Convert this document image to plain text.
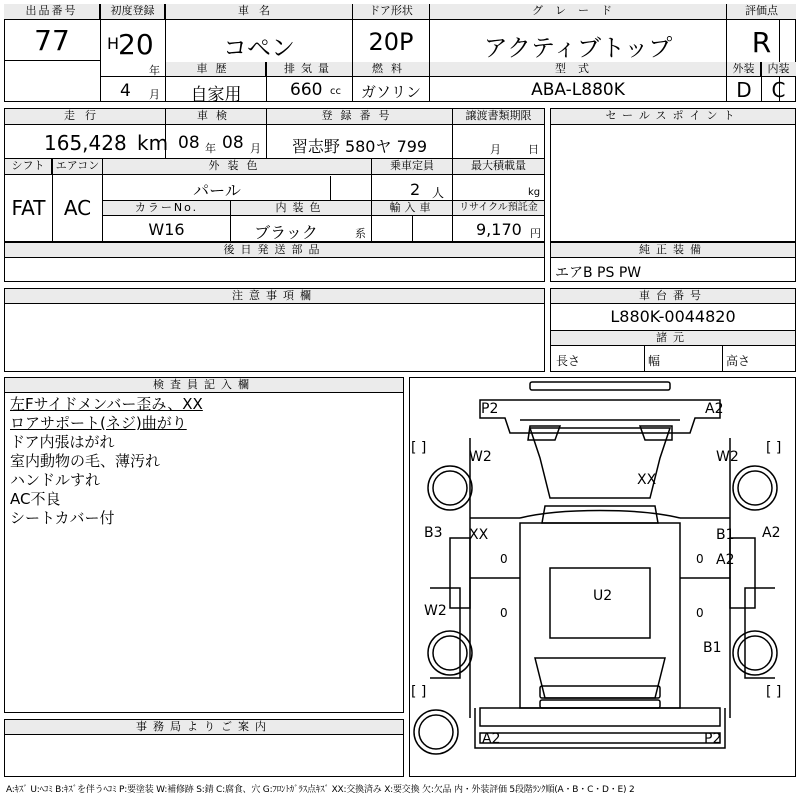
出品番号
77
初度登録
H
20
年
4 月
車名
コペン
ドア形状
20P
グレード
アクティブトップ
車歴
自家用
排気量
660 cc
燃料
ガソリン
型式
ABA-L880K
評価点
R
外装	内装
D C
走行
165,428 km
車検
08 年 08 月
登録番号
習志野 580ヤ 799
譲渡書類期限
月 日
シフト
FAT
エアコン
AC
外装色
パール
乗車定員
2 人
最大積載量
kg
カラーNo.
W16
内装色
ブラック	系
輸入車	リサイクル預託金
9,170 円
セールスポイント
後日発送部品	純正装備
エアB PS PW
注意事項欄	車台番号
L880K-0044820
諸元
長さ	幅	高さ
検査員記入欄
左Fサイドメンバー歪み、XX
ロアサポート(ネジ)曲がり
ドア内張はがれ
室内動物の毛、薄汚れ
ハンドルすれ
AC不良
シートカバー付
事務局よりご案内
P2	A2
[ ]	[ ]
W2	W2
XX
B3 XX	B1 A2
A2
0	0
U2
W2	0	0
B1
[ ]	[ ]
A2	P2
A:ｷｽﾞ U:ﾍｺﾐ B:ｷｽﾞを伴うﾍｺﾐ P:要塗装 W:補修跡 S:錆 C:腐食、穴 G:ﾌﾛﾝﾄｶﾞﾗｽ点ｷｽﾞ XX:交換済み X:要交換 欠:欠品 内・外装評価 5段階ﾗﾝｸ順(A・B・C・D・E) 2
